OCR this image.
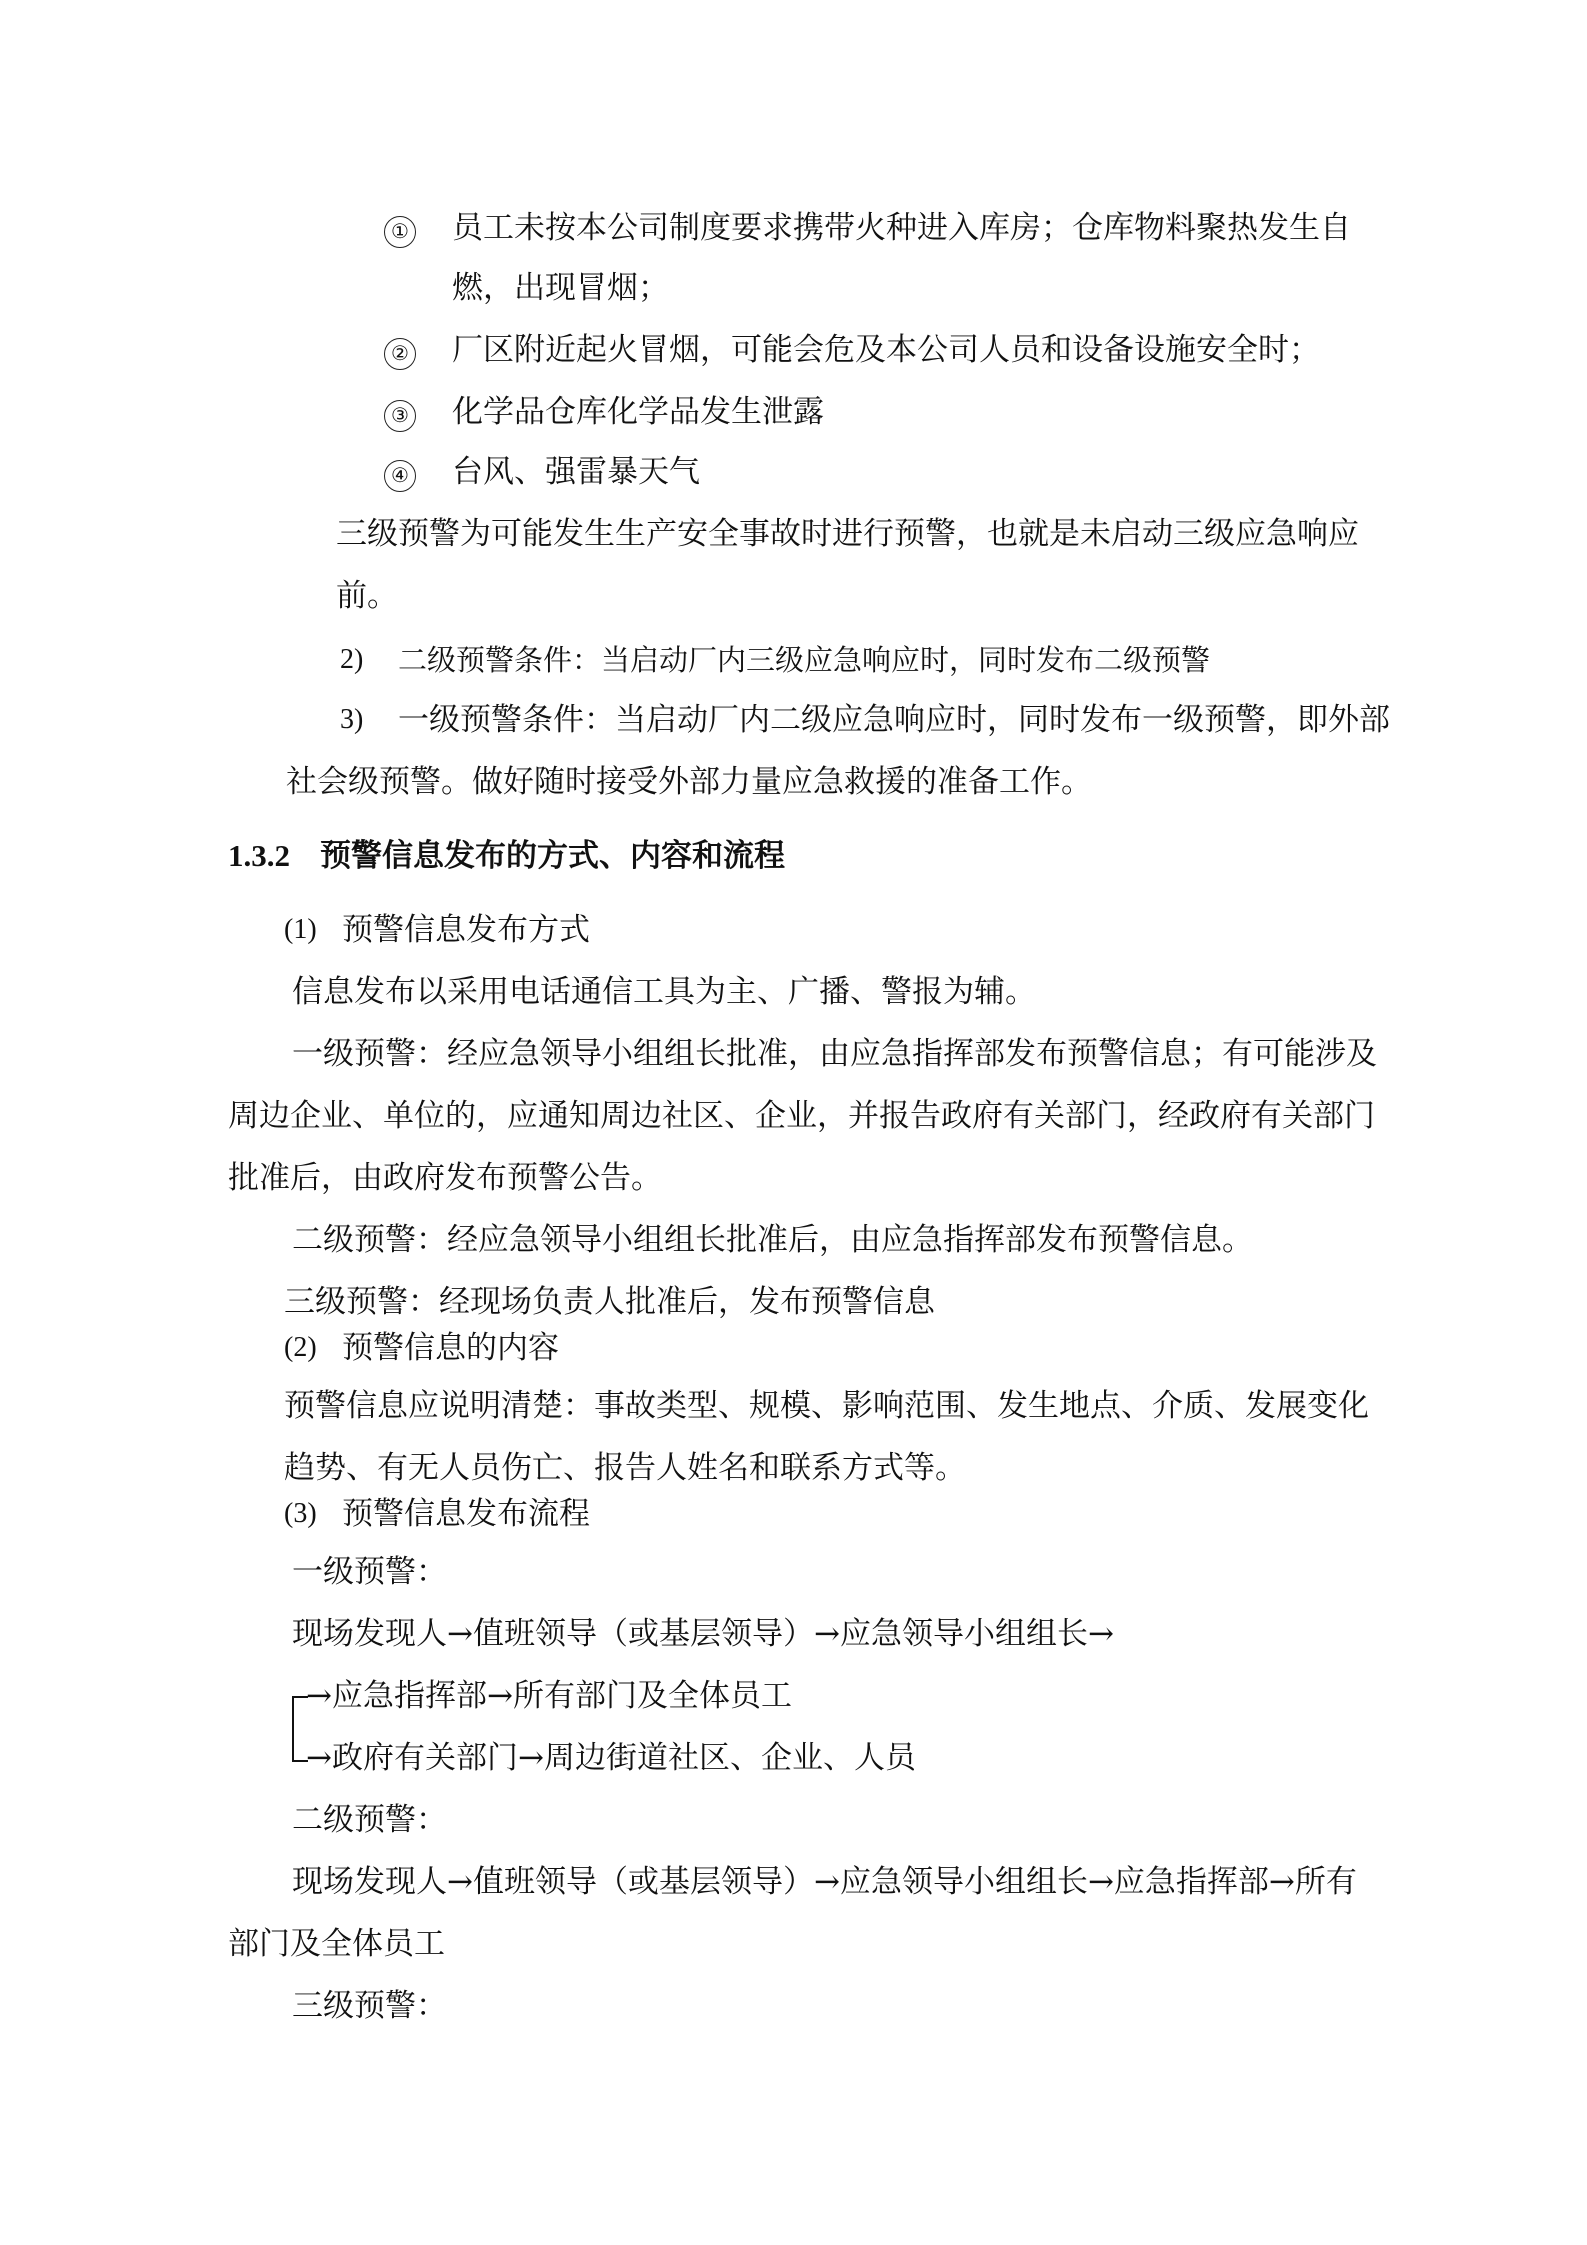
① 员工未按本公司制度要求携带火种进入库房；仓库物料聚热发生自
燃，出现冒烟；
② 厂区附近起火冒烟，可能会危及本公司人员和设备设施安全时；
③ 化学品仓库化学品发生泄露
④ 台风、强雷暴天气
三级预警为可能发生生产安全事故时进行预警，也就是未启动三级应急响应
前。
2) 二级预警条件：当启动厂内三级应急响应时，同时发布二级预警
3) 一级预警条件：当启动厂内二级应急响应时，同时发布一级预警，即外部
社会级预警。做好随时接受外部力量应急救援的准备工作。
1.3.2 预警信息发布的方式、内容和流程
(1) 预警信息发布方式
信息发布以采用电话通信工具为主、广播、警报为辅。
一级预警：经应急领导小组组长批准，由应急指挥部发布预警信息；有可能涉及
周边企业、单位的，应通知周边社区、企业，并报告政府有关部门，经政府有关部门
批准后，由政府发布预警公告。
二级预警：经应急领导小组组长批准后，由应急指挥部发布预警信息。
三级预警：经现场负责人批准后，发布预警信息
(2) 预警信息的内容
预警信息应说明清楚：事故类型、规模、影响范围、发生地点、介质、发展变化
趋势、有无人员伤亡、报告人姓名和联系方式等。
(3) 预警信息发布流程
一级预警：
现场发现人→值班领导（或基层领导）→应急领导小组组长→
→应急指挥部→所有部门及全体员工
→政府有关部门→周边街道社区、企业、人员
二级预警：
现场发现人→值班领导（或基层领导）→应急领导小组组长→应急指挥部→所有
部门及全体员工
三级预警：
